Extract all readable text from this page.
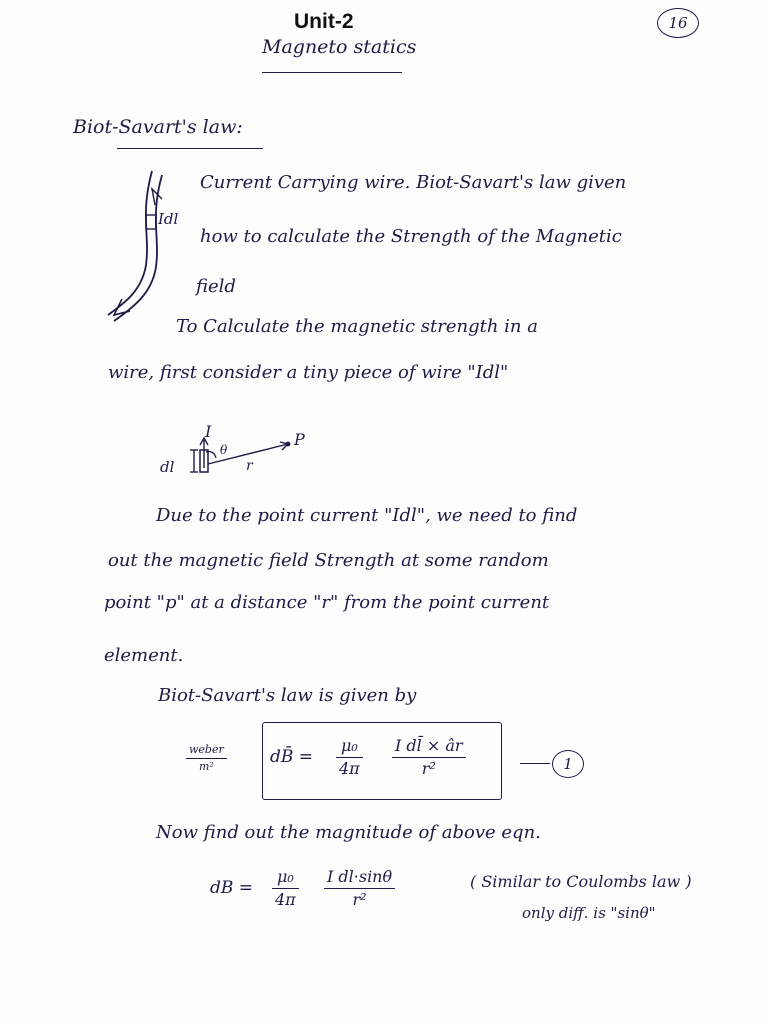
Unit-2	16
Magneto statics
Biot-Savart's law:
Idl
Current Carrying wire. Biot-Savart's law given
how to calculate the Strength of the Magnetic
field
To Calculate the magnetic strength in a
wire, first consider a tiny piece of wire "Idl"
I
dl
θ
r
P
Due to the point current "Idl", we need to find
out the magnetic field Strength at some random
point "p" at a distance "r" from the point current
element.
Biot-Savart's law is given by
weber
m²	dB̄ =
μ₀
4π
I dl̄ × âr
r²	1
Now find out the magnitude of above eqn.
dB =
μ₀
4π
I dl·sinθ
r²
( Similar to Coulombs law )
only diff. is "sinθ"
